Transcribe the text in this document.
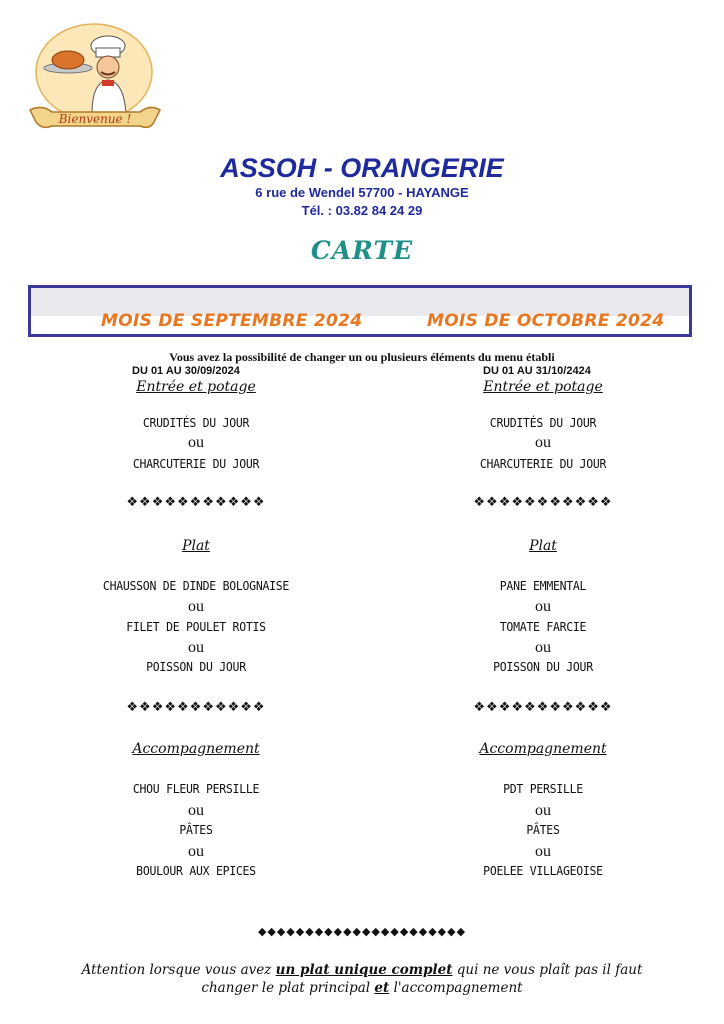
Bienvenue !
ASSOH - ORANGERIE
6 rue de Wendel 57700 - HAYANGE
Tél. : 03.82 84 24 29
CARTE
MOIS DE SEPTEMBRE 2024	MOIS DE OCTOBRE 2024
Vous avez la possibilité de changer un ou plusieurs éléments du menu établi
DU 01 AU 30/09/2024	DU 01 AU 31/10/2424
Entrée et potage
CRUDITÉS DU JOUR
ou
CHARCUTERIE DU JOUR
❖❖❖❖❖❖❖❖❖❖❖
Plat
CHAUSSON DE DINDE BOLOGNAISE
ou
FILET DE POULET ROTIS
ou
POISSON DU JOUR
❖❖❖❖❖❖❖❖❖❖❖
Accompagnement
CHOU FLEUR PERSILLE
ou
PÂTES
ou
BOULOUR AUX EPICES
Entrée et potage
CRUDITÉS DU JOUR
ou
CHARCUTERIE DU JOUR
❖❖❖❖❖❖❖❖❖❖❖
Plat
PANE EMMENTAL
ou
TOMATE FARCIE
ou
POISSON DU JOUR
❖❖❖❖❖❖❖❖❖❖❖
Accompagnement
PDT PERSILLE
ou
PÂTES
ou
POELEE VILLAGEOISE
◆◆◆◆◆◆◆◆◆◆◆◆◆◆◆◆◆◆◆◆◆◆
Attention lorsque vous avez un plat unique complet qui ne vous plaît pas il faut
changer le plat principal et l'accompagnement
